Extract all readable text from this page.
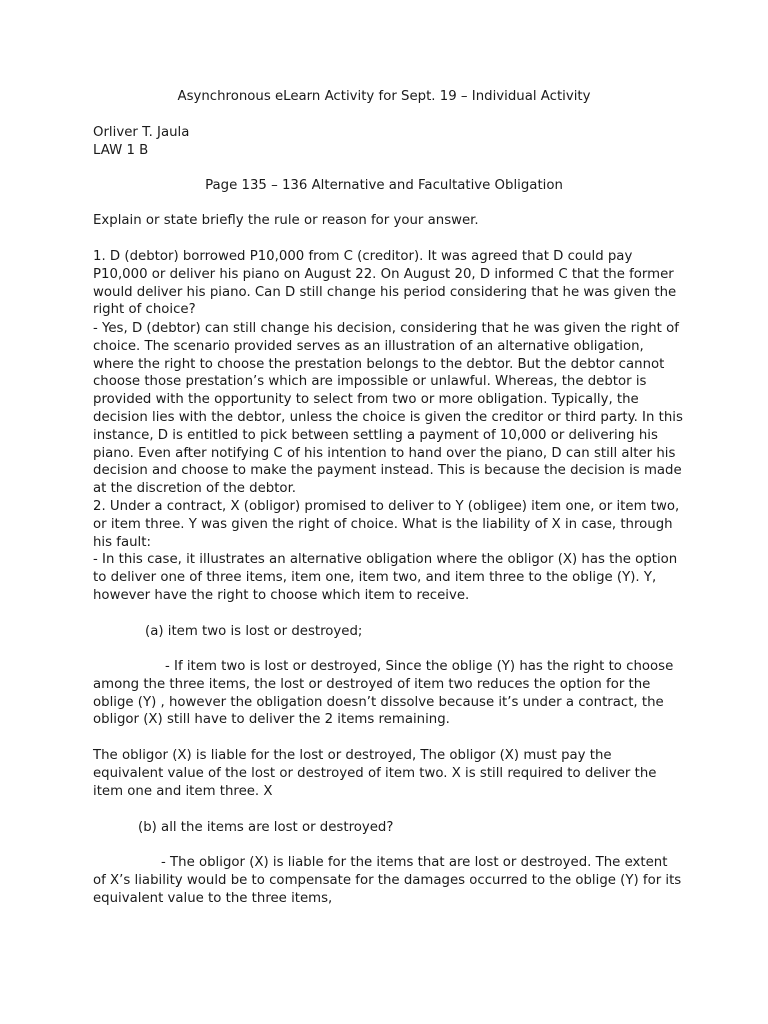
Asynchronous eLearn Activity for Sept. 19 – Individual Activity

Orliver T. Jaula

LAW 1 B

Page 135 – 136 Alternative and Facultative Obligation

Explain or state briefly the rule or reason for your answer.

1. D (debtor) borrowed P10,000 from C (creditor). It was agreed that D could pay P10,000 or deliver his piano on August 22. On August 20, D informed C that the former would deliver his piano. Can D still change his period considering that he was given the right of choice?

- Yes, D (debtor) can still change his decision, considering that he was given the right of choice. The scenario provided serves as an illustration of an alternative obligation, where the right to choose the prestation belongs to the debtor. But the debtor cannot choose those prestation’s which are impossible or unlawful. Whereas, the debtor is provided with the opportunity to select from two or more obligation. Typically, the decision lies with the debtor, unless the choice is given the creditor or third party. In this instance, D is entitled to pick between settling a payment of 10,000 or delivering his piano. Even after notifying C of his intention to hand over the piano, D can still alter his decision and choose to make the payment instead. This is because the decision is made at the discretion of the debtor.

2. Under a contract, X (obligor) promised to deliver to Y (obligee) item one, or item two, or item three. Y was given the right of choice. What is the liability of X in case, through his fault:

- In this case, it illustrates an alternative obligation where the obligor (X) has the option to deliver one of three items, item one, item two, and item three to the oblige (Y). Y, however have the right to choose which item to receive.

(a) item two is lost or destroyed;

- If item two is lost or destroyed, Since the oblige (Y) has the right to choose among the three items, the lost or destroyed of item two reduces the option for the oblige (Y) , however the obligation doesn’t dissolve because it’s under a contract, the obligor (X) still have to deliver the 2 items remaining.

The obligor (X) is liable for the lost or destroyed, The obligor (X) must pay the equivalent value of the lost or destroyed of item two. X is still required to deliver the item one and item three. X

(b) all the items are lost or destroyed?

- The obligor (X) is liable for the items that are lost or destroyed. The extent of X’s liability would be to compensate for the damages occurred to the oblige (Y) for its equivalent value to the three items,
